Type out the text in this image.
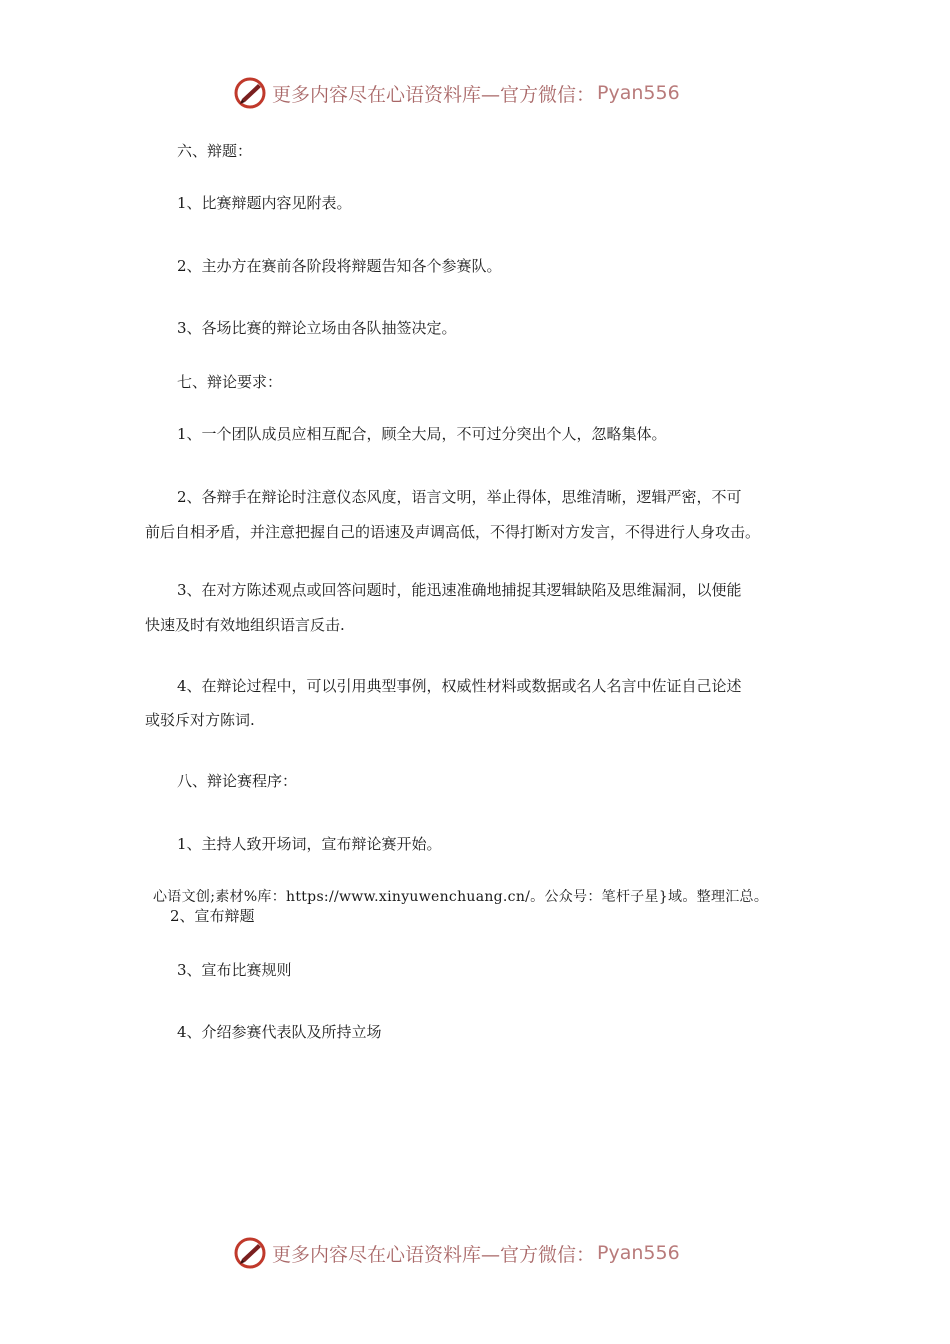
更多内容尽在心语资料库—官方微信： Pyan556
六、辩题：
1、比赛辩题内容见附表。
2、主办方在赛前各阶段将辩题告知各个参赛队。
3、各场比赛的辩论立场由各队抽签决定。
七、辩论要求：
1、一个团队成员应相互配合，顾全大局，不可过分突出个人，忽略集体。
2、各辩手在辩论时注意仪态风度，语言文明，举止得体，思维清晰，逻辑严密，不可
前后自相矛盾，并注意把握自己的语速及声调高低，不得打断对方发言，不得进行人身攻击。
3、在对方陈述观点或回答问题时，能迅速准确地捕捉其逻辑缺陷及思维漏洞，以便能
快速及时有效地组织语言反击.
4、在辩论过程中，可以引用典型事例，权威性材料或数据或名人名言中佐证自己论述
或驳斥对方陈词.
八、辩论赛程序：
1、主持人致开场词，宣布辩论赛开始。
心语文创;素材%库：https://www.xinyuwenchuang.cn/。公众号：笔杆子星}域。整理汇总。
2、宣布辩题
3、宣布比赛规则
4、介绍参赛代表队及所持立场
更多内容尽在心语资料库—官方微信： Pyan556
